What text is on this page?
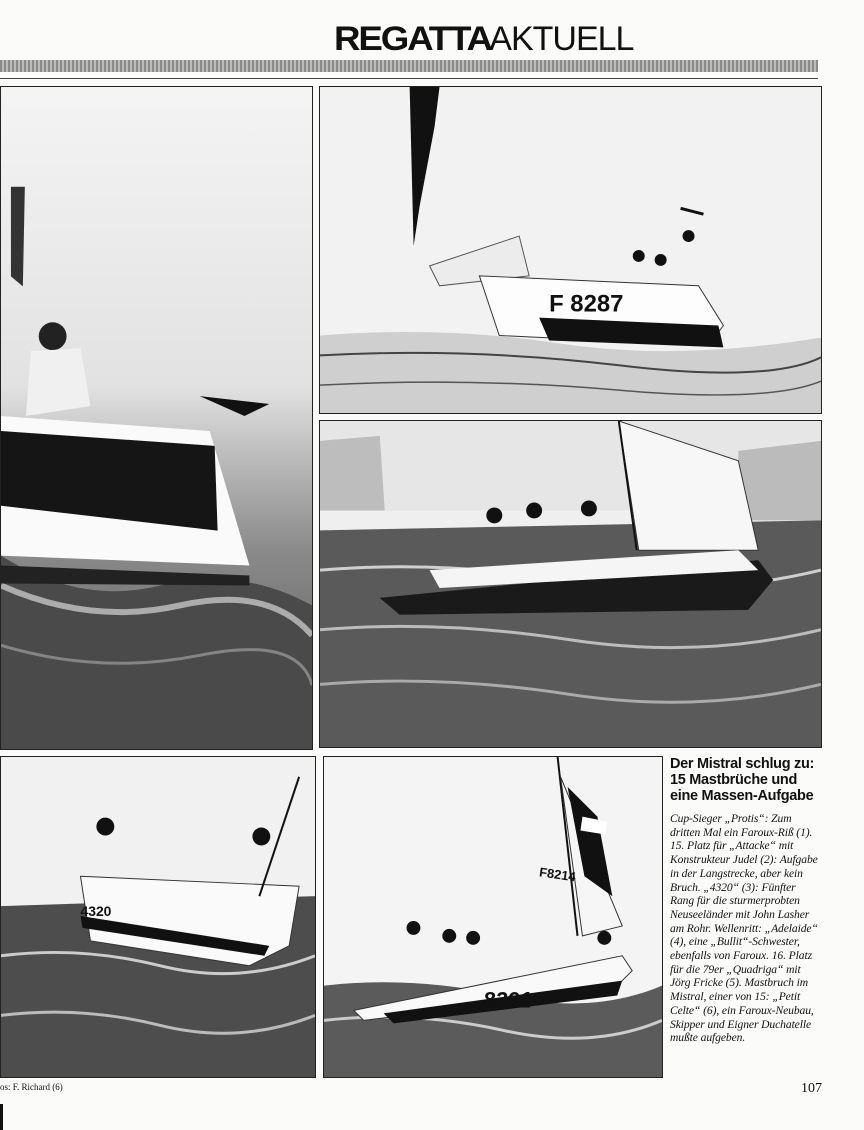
REGATTA
AKTUELL
F 8287
4320
F8214
8291
Der Mistral schlug zu: 15 Mastbrüche und eine Massen-Aufgabe

Cup-Sieger „Protis“: Zum dritten Mal ein Faroux-Riß (1). 15. Platz für „Attacke“ mit Konstrukteur Judel (2): Aufgabe in der Langstrecke, aber kein Bruch. „4320“ (3): Fünfter Rang für die sturmerprobten Neuseeländer mit John Lasher am Rohr. Wellenritt: „Adelaide“ (4), eine „Bullit“-Schwester, ebenfalls von Faroux. 16. Platz für die 79er „Quadriga“ mit Jörg Fricke (5). Mastbruch im Mistral, einer von 15: „Petit Celte“ (6), ein Faroux-Neubau, Skipper und Eigner Duchatelle mußte aufgeben.

os: F. Richard (6)	107
